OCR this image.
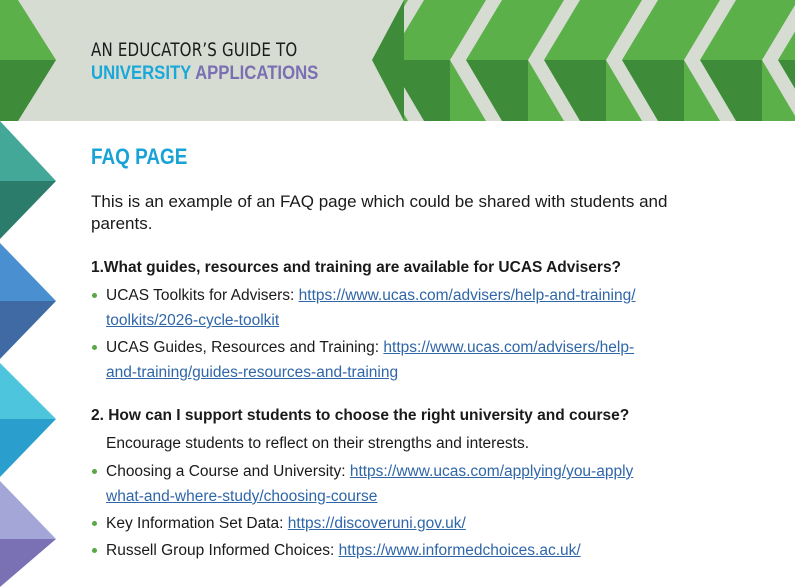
AN EDUCATOR’S GUIDE TO
UNIVERSITY APPLICATIONS
FAQ PAGE
This is an example of an FAQ page which could be shared with students and parents.
1.What guides, resources and training are available for UCAS Advisers?
UCAS Toolkits for Advisers: https://www.ucas.com/advisers/help-and-training/
toolkits/2026-cycle-toolkit
UCAS Guides, Resources and Training: https://www.ucas.com/advisers/help-
and-training/guides-resources-and-training
2. How can I support students to choose the right university and course?
Encourage students to reflect on their strengths and interests.
Choosing a Course and University: https://www.ucas.com/applying/you-apply
what-and-where-study/choosing-course
Key Information Set Data: https://discoveruni.gov.uk/
Russell Group Informed Choices: https://www.informedchoices.ac.uk/
